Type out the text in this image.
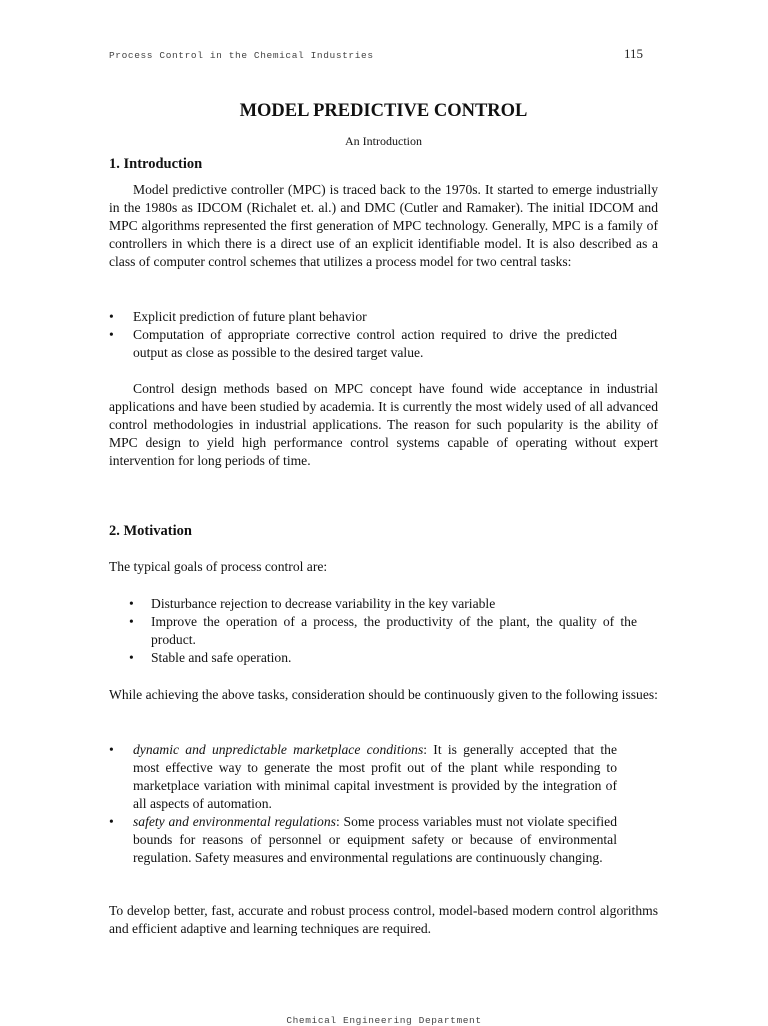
Process Control in the Chemical Industries	115
MODEL PREDICTIVE CONTROL
An Introduction
1. Introduction

Model predictive controller (MPC) is traced back to the 1970s. It started to emerge industrially in the 1980s as IDCOM (Richalet et. al.) and DMC (Cutler and Ramaker). The initial IDCOM and MPC algorithms represented the first generation of MPC technology. Generally, MPC is a family of controllers in which there is a direct use of an explicit identifiable model. It is also described as a class of computer control schemes that utilizes a process model for two central tasks:

• Explicit prediction of future plant behavior
• Computation of appropriate corrective control action required to drive the predicted output as close as possible to the desired target value.

Control design methods based on MPC concept have found wide acceptance in industrial applications and have been studied by academia. It is currently the most widely used of all advanced control methodologies in industrial applications. The reason for such popularity is the ability of MPC design to yield high performance control systems capable of operating without expert intervention for long periods of time.

2. Motivation

The typical goals of process control are:

• Disturbance rejection to decrease variability in the key variable
• Improve the operation of a process, the productivity of the plant, the quality of the product.
• Stable and safe operation.

While achieving the above tasks, consideration should be continuously given to the following issues:

• dynamic and unpredictable marketplace conditions: It is generally accepted that the most effective way to generate the most profit out of the plant while responding to marketplace variation with minimal capital investment is provided by the integration of all aspects of automation.
• safety and environmental regulations: Some process variables must not violate specified bounds for reasons of personnel or equipment safety or because of environmental regulation. Safety measures and environmental regulations are continuously changing.

To develop better, fast, accurate and robust process control, model-based modern control algorithms and efficient adaptive and learning techniques are required.

Chemical Engineering Department
